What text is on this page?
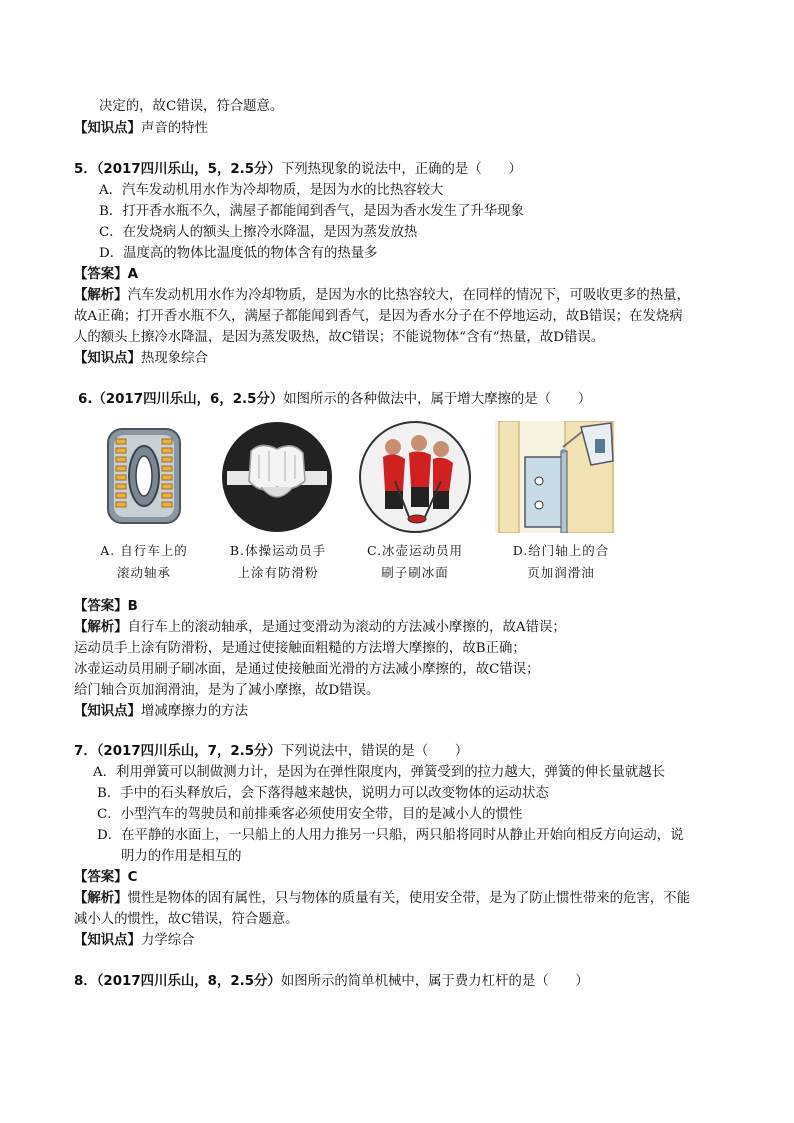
决定的，故C错误，符合题意。
【知识点】声音的特性
5．（2017四川乐山，5，2.5分）下列热现象的说法中，正确的是（　　）
A．汽车发动机用水作为冷却物质，是因为水的比热容较大
B．打开香水瓶不久，满屋子都能闻到香气，是因为香水发生了升华现象
C．在发烧病人的额头上擦冷水降温，是因为蒸发放热
D．温度高的物体比温度低的物体含有的热量多
【答案】A
【解析】汽车发动机用水作为冷却物质，是因为水的比热容较大，在同样的情况下，可吸收更多的热量，
故A正确；打开香水瓶不久，满屋子都能闻到香气，是因为香水分子在不停地运动，故B错误；在发烧病
人的额头上擦冷水降温，是因为蒸发吸热，故C错误；不能说物体“含有”热量，故D错误。
【知识点】热现象综合
6.（2017四川乐山，6，2.5分）如图所示的各种做法中，属于增大摩擦的是（　　）
A. 自行车上的
滚动轴承
B.体操运动员手
上涂有防滑粉
C.冰壶运动员用
刷子刷冰面
D.给门轴上的合
页加润滑油
【答案】B
【解析】自行车上的滚动轴承，是通过变滑动为滚动的方法减小摩擦的，故A错误；
运动员手上涂有防滑粉，是通过使接触面粗糙的方法增大摩擦的，故B正确；
冰壶运动员用刷子刷冰面，是通过使接触面光滑的方法减小摩擦的，故C错误；
给门轴合页加润滑油，是为了减小摩擦，故D错误。
【知识点】增减摩擦力的方法
7．（2017四川乐山，7，2.5分）下列说法中，错误的是（　　）
A．利用弹簧可以制做测力计，是因为在弹性限度内，弹簧受到的拉力越大，弹簧的伸长量就越长
B．手中的石头释放后，会下落得越来越快，说明力可以改变物体的运动状态
C．小型汽车的驾驶员和前排乘客必须使用安全带，目的是减小人的惯性
D．在平静的水面上，一只船上的人用力推另一只船，两只船将同时从静止开始向相反方向运动，说
明力的作用是相互的
【答案】C
【解析】惯性是物体的固有属性，只与物体的质量有关，使用安全带，是为了防止惯性带来的危害，不能
减小人的惯性，故C错误，符合题意。
【知识点】力学综合
8．（2017四川乐山，8，2.5分）如图所示的简单机械中，属于费力杠杆的是（　　）
